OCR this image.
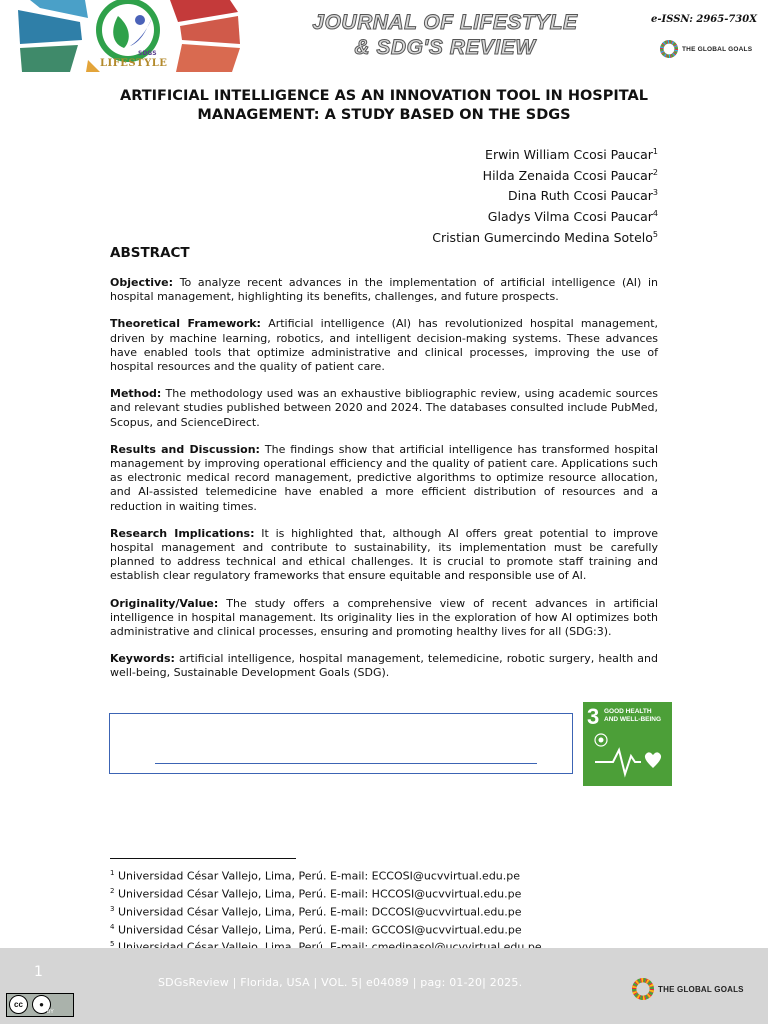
SDGS
LIFESTYLE
JOURNAL OF LIFESTYLE
& SDG'S REVIEW
e-ISSN: 2965-730X
THE GLOBAL GOALS
ARTIFICIAL INTELLIGENCE AS AN INNOVATION TOOL IN HOSPITAL
MANAGEMENT: A STUDY BASED ON THE SDGS
Erwin William Ccosi Paucar$^1$
Hilda Zenaida Ccosi Paucar$^2$
Dina Ruth Ccosi Paucar$^3$
Gladys Vilma Ccosi Paucar$^4$
Cristian Gumercindo Medina Sotelo$^5$
ABSTRACT

Objective: To analyze recent advances in the implementation of artificial intelligence (AI) in hospital management, highlighting its benefits, challenges, and future prospects.

Theoretical Framework: Artificial intelligence (AI) has revolutionized hospital management, driven by machine learning, robotics, and intelligent decision-making systems. These advances have enabled tools that optimize administrative and clinical processes, improving the use of hospital resources and the quality of patient care.

Method: The methodology used was an exhaustive bibliographic review, using academic sources and relevant studies published between 2020 and 2024. The databases consulted include PubMed, Scopus, and ScienceDirect.

Results and Discussion: The findings show that artificial intelligence has transformed hospital management by improving operational efficiency and the quality of patient care. Applications such as electronic medical record management, predictive algorithms to optimize resource allocation, and AI-assisted telemedicine have enabled a more efficient distribution of resources and a reduction in waiting times.

Research Implications: It is highlighted that, although AI offers great potential to improve hospital management and contribute to sustainability, its implementation must be carefully planned to address technical and ethical challenges. It is crucial to promote staff training and establish clear regulatory frameworks that ensure equitable and responsible use of AI.

Originality/Value: The study offers a comprehensive view of recent advances in artificial intelligence in hospital management. Its originality lies in the exploration of how AI optimizes both administrative and clinical processes, ensuring and promoting healthy lives for all (SDG:3).

Keywords: artificial intelligence, hospital management, telemedicine, robotic surgery, health and well-being, Sustainable Development Goals (SDG).

3 GOOD HEALTH
AND WELL-BEING
$^1$ Universidad César Vallejo, Lima, Perú. E-mail: ECCOSI@ucvvirtual.edu.pe
$^2$ Universidad César Vallejo, Lima, Perú. E-mail: HCCOSI@ucvvirtual.edu.pe
$^3$ Universidad César Vallejo, Lima, Perú. E-mail: DCCOSI@ucvvirtual.edu.pe
$^4$ Universidad César Vallejo, Lima, Perú. E-mail: GCCOSI@ucvvirtual.edu.pe
$^5$
1
SDGsReview | Florida, USA | VOL. 5| e04089 | pag: 01-20| 2025.	THE GLOBAL GOALS
cc	●
BY
